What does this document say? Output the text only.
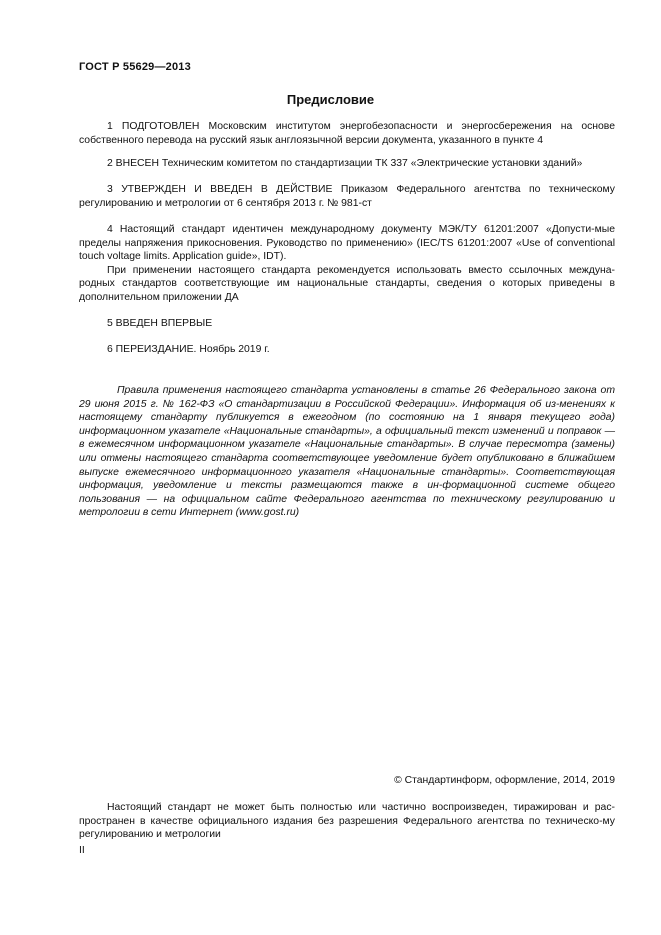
ГОСТ Р 55629—2013
Предисловие

1 ПОДГОТОВЛЕН Московским институтом энергобезопасности и энергосбережения на основе собственного перевода на русский язык англоязычной версии документа, указанного в пункте 4

2 ВНЕСЕН Техническим комитетом по стандартизации ТК 337 «Электрические установки зданий»

3 УТВЕРЖДЕН И ВВЕДЕН В ДЕЙСТВИЕ Приказом Федерального агентства по техническому регулированию и метрологии от 6 сентября 2013 г. № 981-ст

4 Настоящий стандарт идентичен международному документу МЭК/ТУ 61201:2007 «Допусти-мые пределы напряжения прикосновения. Руководство по применению» (IEC/TS 61201:2007 «Use of conventional touch voltage limits. Application guide», IDT).

При применении настоящего стандарта рекомендуется использовать вместо ссылочных междуна-родных стандартов соответствующие им национальные стандарты, сведения о которых приведены в дополнительном приложении ДА

5 ВВЕДЕН ВПЕРВЫЕ

6 ПЕРЕИЗДАНИЕ. Ноябрь 2019 г.

Правила применения настоящего стандарта установлены в статье 26 Федерального закона от 29 июня 2015 г. № 162-ФЗ «О стандартизации в Российской Федерации». Информация об из-менениях к настоящему стандарту публикуется в ежегодном (по состоянию на 1 января текущего года) информационном указателе «Национальные стандарты», а официальный текст изменений и поправок — в ежемесячном информационном указателе «Национальные стандарты». В случае пересмотра (замены) или отмены настоящего стандарта соответствующее уведомление будет опубликовано в ближайшем выпуске ежемесячного информационного указателя «Национальные стандарты». Соответствующая информация, уведомление и тексты размещаются также в ин-формационной системе общего пользования — на официальном сайте Федерального агентства по техническому регулированию и метрологии в сети Интернет (www.gost.ru)

© Стандартинформ, оформление, 2014, 2019

Настоящий стандарт не может быть полностью или частично воспроизведен, тиражирован и рас-пространен в качестве официального издания без разрешения Федерального агентства по техническо-му регулированию и метрологии

II
